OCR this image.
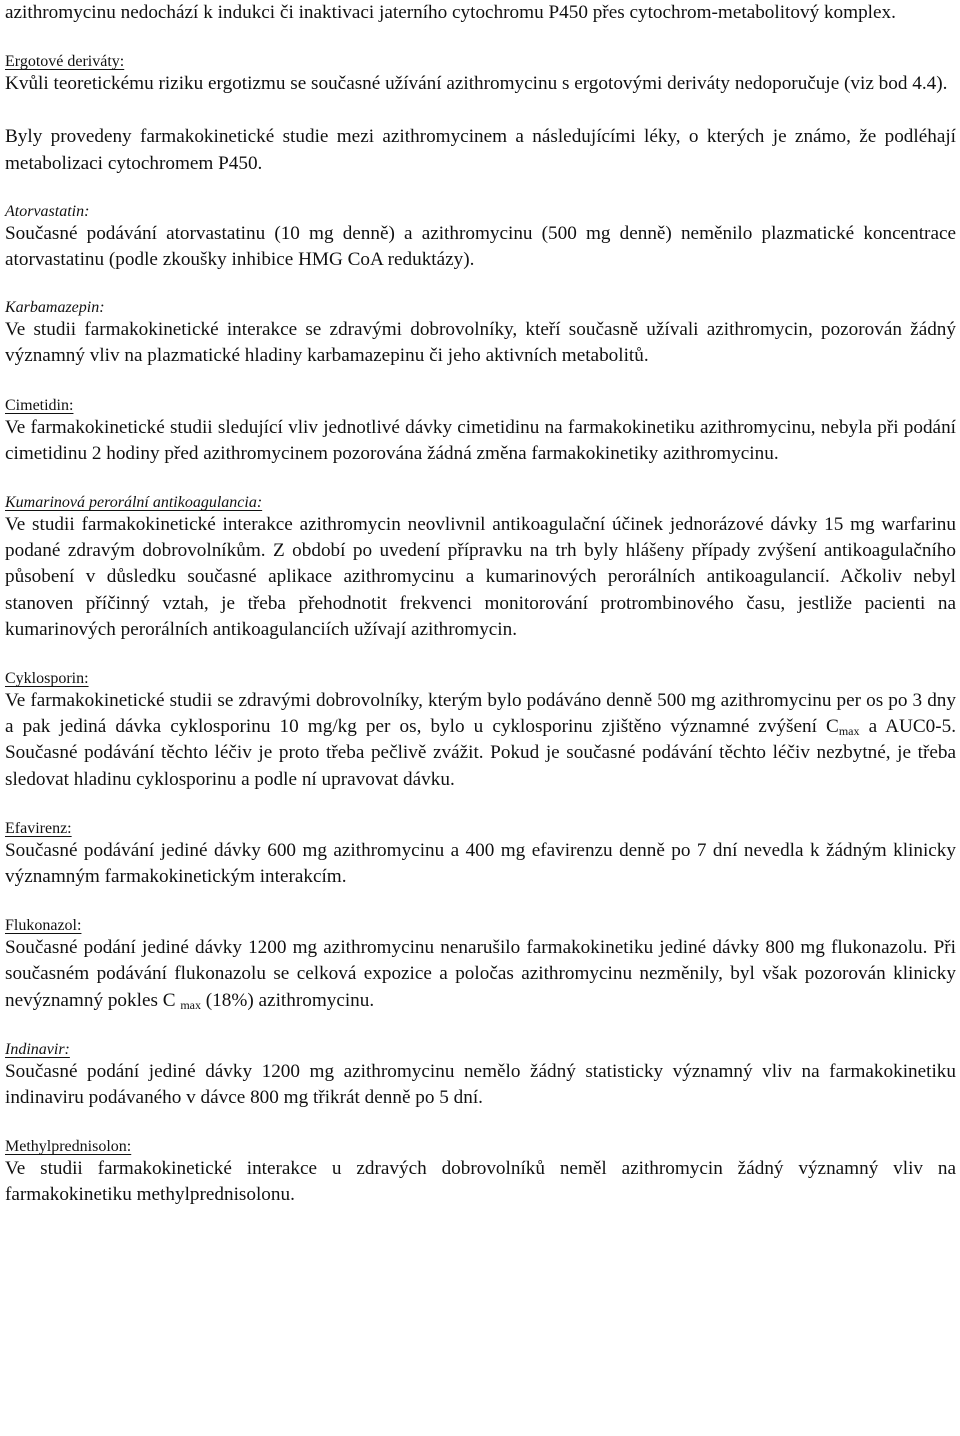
azithromycinu nedochází k indukci či inaktivaci jaterního cytochromu P450 přes cytochrom-metabolitový komplex.

Ergotové deriváty:

Kvůli teoretickému riziku ergotizmu se současné užívání azithromycinu s ergotovými deriváty nedoporučuje (viz bod 4.4).

Byly provedeny farmakokinetické studie mezi azithromycinem a následujícími léky, o kterých je známo, že podléhají metabolizaci cytochromem P450.

Atorvastatin:

Současné podávání atorvastatinu (10 mg denně) a azithromycinu (500 mg denně) neměnilo plazmatické koncentrace atorvastatinu (podle zkoušky inhibice HMG CoA reduktázy).

Karbamazepin:

Ve studii farmakokinetické interakce se zdravými dobrovolníky, kteří současně užívali azithromycin, pozorován žádný významný vliv na plazmatické hladiny karbamazepinu či jeho aktivních metabolitů.

Cimetidin:

Ve farmakokinetické studii sledující vliv jednotlivé dávky cimetidinu na farmakokinetiku azithromycinu, nebyla při podání cimetidinu 2 hodiny před azithromycinem pozorována žádná změna farmakokinetiky azithromycinu.

Kumarinová perorální antikoagulancia:

Ve studii farmakokinetické interakce azithromycin neovlivnil antikoagulační účinek jednorázové dávky 15 mg warfarinu podané zdravým dobrovolníkům. Z období po uvedení přípravku na trh byly hlášeny případy zvýšení antikoagulačního působení v důsledku současné aplikace azithromycinu a kumarinových perorálních antikoagulancií. Ačkoliv nebyl stanoven příčinný vztah, je třeba přehodnotit frekvenci monitorování protrombinového času, jestliže pacienti na kumarinových perorálních antikoagulanciích užívají azithromycin.

Cyklosporin:

Ve farmakokinetické studii se zdravými dobrovolníky, kterým bylo podáváno denně 500 mg azithromycinu per os po 3 dny a pak jediná dávka cyklosporinu 10 mg/kg per os, bylo u cyklosporinu zjištěno významné zvýšení $C_{max}$ a AUC0-5. Současné podávání těchto léčiv je proto třeba pečlivě zvážit. Pokud je současné podávání těchto léčiv nezbytné, je třeba sledovat hladinu cyklosporinu a podle ní upravovat dávku.

Efavirenz:

Současné podávání jediné dávky 600 mg azithromycinu a 400 mg efavirenzu denně po 7 dní nevedla k žádným klinicky významným farmakokinetickým interakcím.

Flukonazol:

Současné podání jediné dávky 1200 mg azithromycinu nenarušilo farmakokinetiku jediné dávky 800 mg flukonazolu. Při současném podávání flukonazolu se celková expozice a poločas azithromycinu nezměnily, byl však pozorován klinicky nevýznamný pokles C $_{max}$ (18%) azithromycinu.

Indinavir:

Současné podání jediné dávky 1200 mg azithromycinu nemělo žádný statisticky významný vliv na farmakokinetiku indinaviru podávaného v dávce 800 mg třikrát denně po 5 dní.

Methylprednisolon:

Ve studii farmakokinetické interakce u zdravých dobrovolníků neměl azithromycin žádný významný vliv na farmakokinetiku methylprednisolonu.
